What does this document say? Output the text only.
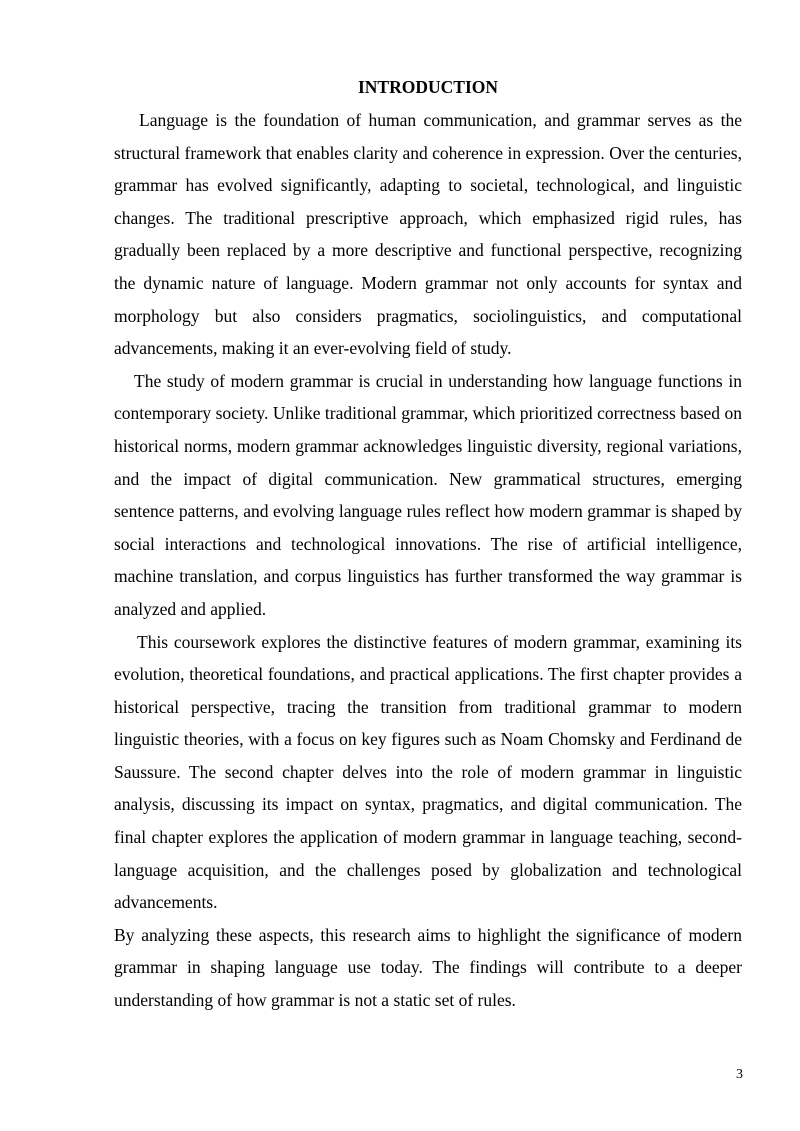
INTRODUCTION

Language is the foundation of human communication, and grammar serves as the structural framework that enables clarity and coherence in expression. Over the centuries, grammar has evolved significantly, adapting to societal, technological, and linguistic changes. The traditional prescriptive approach, which emphasized rigid rules, has gradually been replaced by a more descriptive and functional perspective, recognizing the dynamic nature of language. Modern grammar not only accounts for syntax and morphology but also considers pragmatics, sociolinguistics, and computational advancements, making it an ever-evolving field of study.

The study of modern grammar is crucial in understanding how language functions in contemporary society. Unlike traditional grammar, which prioritized correctness based on historical norms, modern grammar acknowledges linguistic diversity, regional variations, and the impact of digital communication. New grammatical structures, emerging sentence patterns, and evolving language rules reflect how modern grammar is shaped by social interactions and technological innovations. The rise of artificial intelligence, machine translation, and corpus linguistics has further transformed the way grammar is analyzed and applied.

This coursework explores the distinctive features of modern grammar, examining its evolution, theoretical foundations, and practical applications. The first chapter provides a historical perspective, tracing the transition from traditional grammar to modern linguistic theories, with a focus on key figures such as Noam Chomsky and Ferdinand de Saussure. The second chapter delves into the role of modern grammar in linguistic analysis, discussing its impact on syntax, pragmatics, and digital communication. The final chapter explores the application of modern grammar in language teaching, second-language acquisition, and the challenges posed by globalization and technological advancements.

By analyzing these aspects, this research aims to highlight the significance of modern grammar in shaping language use today. The findings will contribute to a deeper understanding of how grammar is not a static set of rules.

3
